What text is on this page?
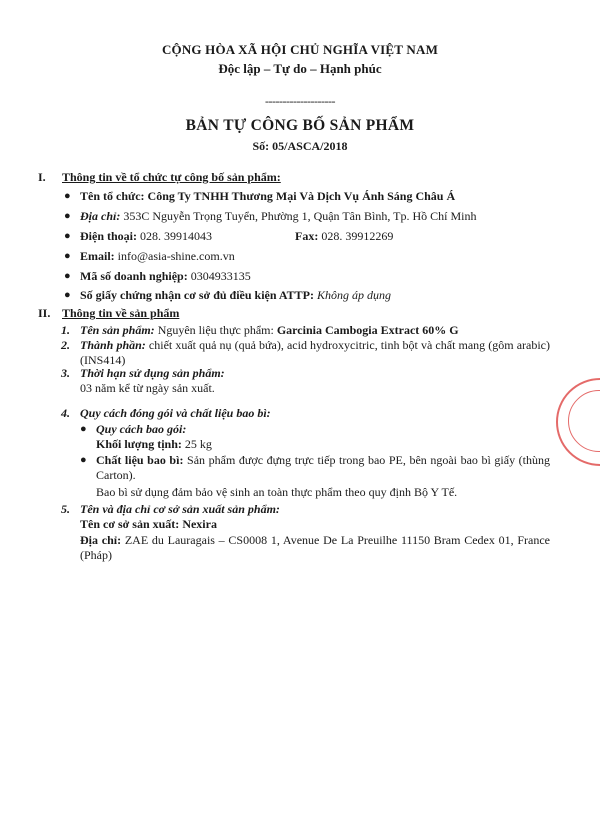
CỘNG HÒA XÃ HỘI CHỦ NGHĨA VIỆT NAM
Độc lập – Tự do – Hạnh phúc
--------------------
BẢN TỰ CÔNG BỐ SẢN PHẨM
Số: 05/ASCA/2018
I. Thông tin về tổ chức tự công bố sản phẩm:
● Tên tổ chức: Công Ty TNHH Thương Mại Và Dịch Vụ Ánh Sáng Châu Á
● Địa chỉ: 353C Nguyễn Trọng Tuyển, Phường 1, Quận Tân Bình, Tp. Hồ Chí Minh
● Điện thoại: 028. 39914043	Fax: 028. 39912269
● Email: info@asia-shine.com.vn
● Mã số doanh nghiệp: 0304933135
● Số giấy chứng nhận cơ sở đủ điều kiện ATTP: Không áp dụng
II. Thông tin về sản phẩm
1. Tên sản phẩm: Nguyên liệu thực phẩm: Garcinia Cambogia Extract 60% G
2. Thành phần: chiết xuất quả nụ (quả bứa), acid hydroxycitric, tinh bột và chất mang (gôm arabic) (INS414)
3. Thời hạn sử dụng sản phẩm:
03 năm kể từ ngày sản xuất.
4. Quy cách đóng gói và chất liệu bao bì:
● Quy cách bao gói:
Khối lượng tịnh: 25 kg
● Chất liệu bao bì: Sản phẩm được đựng trực tiếp trong bao PE, bên ngoài bao bì giấy (thùng Carton).
Bao bì sử dụng đảm bảo vệ sinh an toàn thực phẩm theo quy định Bộ Y Tế.
5. Tên và địa chỉ cơ sở sản xuất sản phẩm:
Tên cơ sở sản xuất: Nexira
Địa chỉ: ZAE du Lauragais – CS0008 1, Avenue De La Preuilhe 11150 Bram Cedex 01, France (Pháp)
